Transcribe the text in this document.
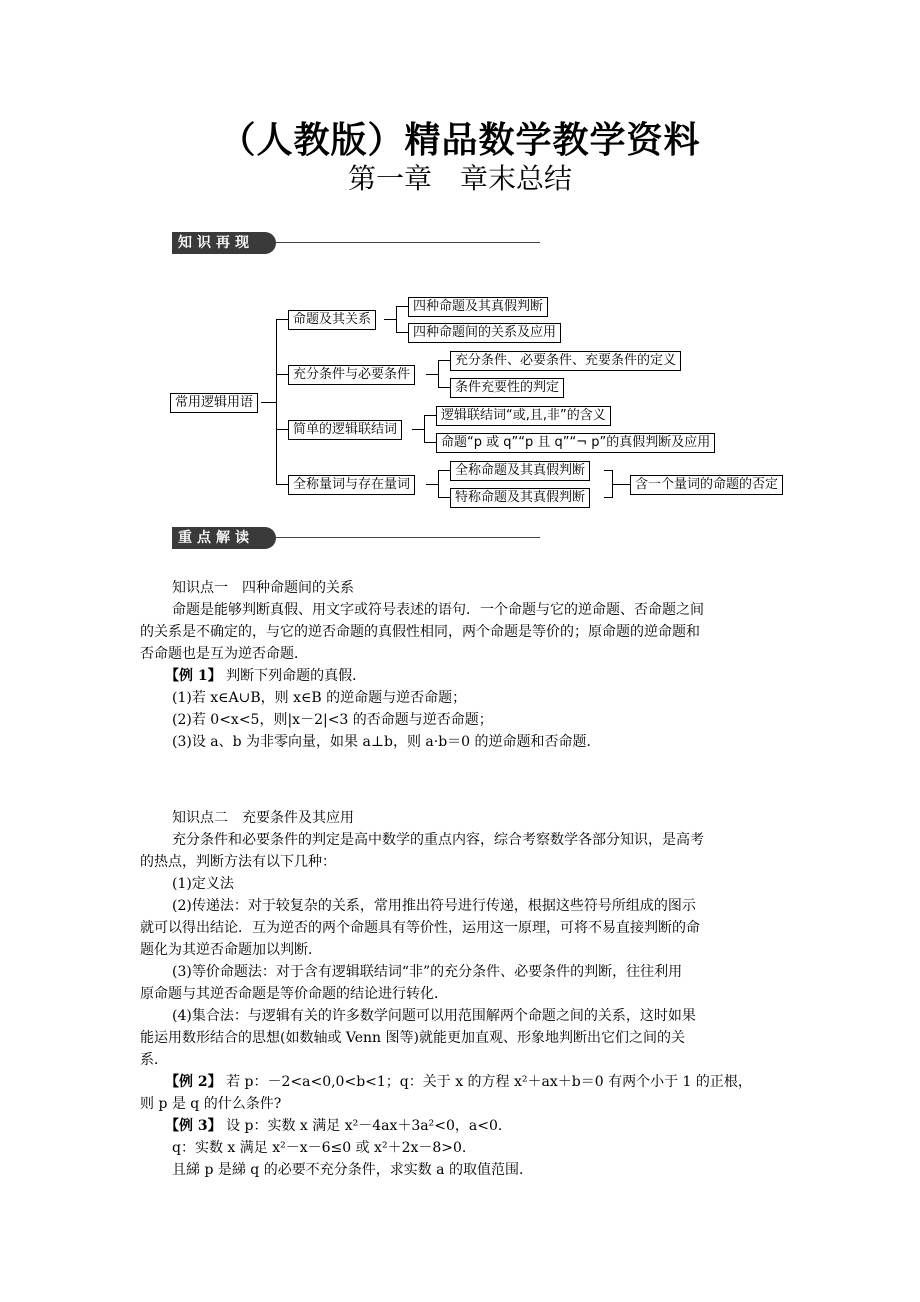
（人教版）精品数学教学资料
第一章　章末总结
知识再现 ●
常用逻辑用语
命题及其关系
四种命题及其真假判断
四种命题间的关系及应用
充分条件与必要条件
充分条件、必要条件、充要条件的定义
条件充要性的判定
简单的逻辑联结词
逻辑联结词“或,且,非”的含义
命题“p 或 q”“p 且 q”“¬ p”的真假判断及应用
全称量词与存在量词
全称命题及其真假判断
特称命题及其真假判断
含一个量词的命题的否定
重点解读 ●
知识点一　四种命题间的关系
命题是能够判断真假、用文字或符号表述的语句．一个命题与它的逆命题、否命题之间
的关系是不确定的，与它的逆否命题的真假性相同，两个命题是等价的；原命题的逆命题和
否命题也是互为逆否命题．
【例 1】 判断下列命题的真假．
(1)若 x∈A∪B，则 x∈B 的逆命题与逆否命题；
(2)若 0<x<5，则|x－2|<3 的否命题与逆否命题；
(3)设 a、b 为非零向量，如果 a⊥b，则 a·b＝0 的逆命题和否命题．
知识点二　充要条件及其应用
充分条件和必要条件的判定是高中数学的重点内容，综合考察数学各部分知识，是高考
的热点，判断方法有以下几种：
(1)定义法
(2)传递法：对于较复杂的关系，常用推出符号进行传递，根据这些符号所组成的图示
就可以得出结论．互为逆否的两个命题具有等价性，运用这一原理，可将不易直接判断的命
题化为其逆否命题加以判断．
(3)等价命题法：对于含有逻辑联结词“非”的充分条件、必要条件的判断，往往利用
原命题与其逆否命题是等价命题的结论进行转化．
(4)集合法：与逻辑有关的许多数学问题可以用范围解两个命题之间的关系，这时如果
能运用数形结合的思想(如数轴或 Venn 图等)就能更加直观、形象地判断出它们之间的关
系．
【例 2】 若 p：－2<a<0,0<b<1；q：关于 x 的方程 x²＋ax＋b＝0 有两个小于 1 的正根，
则 p 是 q 的什么条件?
【例 3】 设 p：实数 x 满足 x²－4ax＋3a²<0，a<0.
q：实数 x 满足 x²－x－6≤0 或 x²＋2x－8>0.
且綈 p 是綈 q 的必要不充分条件，求实数 a 的取值范围．
